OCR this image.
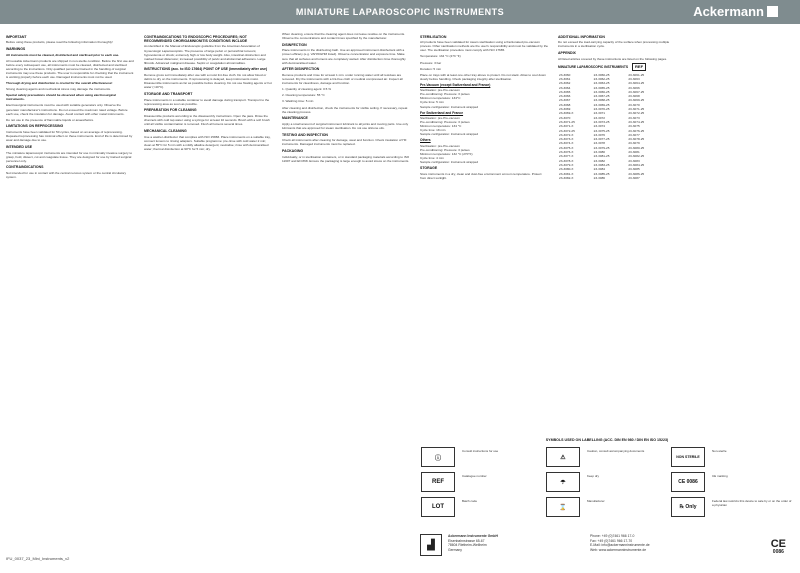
MINIATURE LAPAROSCOPIC INSTRUMENTS	Ackermann
IMPORTANT

Before using these products, please read the following information thoroughly!

WARNINGS

All instruments must be cleaned, disinfected and sterilised prior to each use.

All reusable Ackermann products are shipped in non-sterile condition. Before the first use and before every subsequent use, all instruments must be cleaned, disinfected and sterilised according to the instructions. Only qualified personnel trained in the handling of surgical instruments may use these products. The user is responsible for checking that the instrument is working properly before each use. Damaged instruments must not be used.

Thorough drying and disinfection is crucial for the overall effectiveness!

Strong cleaning agents and mechanical stress may damage the instruments.

Special safety precautions should be observed when using electrosurgical instruments.

Electrosurgical instruments must be used with suitable generators only. Observe the generator manufacturer's instructions. Do not exceed the maximum rated voltage. Before each use, check the insulation for damage. Avoid contact with other metal instruments.

Do not use in the presence of flammable liquids or anaesthetics.

LIMITATIONS ON REPROCESSING

Instruments have been validated for 50 cycles, based on an average of reprocessing. Repeated reprocessing has minimal effect on these instruments. End of life is determined by wear and damage due to use.

INTENDED USE

The miniature laparoscopic instruments are intended for use in minimally invasive surgery to grasp, hold, dissect, cut and coagulate tissue. They are designed for use by trained surgical personnel only.

CONTRAINDICATIONS

Not intended for use in contact with the central nervous system or the central circulatory system.

CONTRAINDICATIONS TO ENDOSCOPIC PROCEDURES; NOT RECOMMENDED CHORIOAMNIONITIS CONDITIONS INCLUDE

As identified in the Manual of Endoscopic guideline from the American Association of Gynecologic Laparoscopists. The presence of large pelvic or periurethral tumours; hypovolemia or shock; extremely high or low body weight. Also, intestinal obstruction and marked bowel distension; increased possibility of pelvic and abdominal adhesions. Large fibroids. Advanced malignant disease. Septic or coagulation abnormalities.

INSTRUCTIONS (acc. to ISO 17664) POINT OF USE (immediately after use)

Remove gross soil immediately after use with a moist lint-free cloth. Do not allow blood or debris to dry on the instruments. If reprocessing is delayed, keep instruments moist. Disassemble instruments as far as possible before cleaning. Do not use fixating agents or hot water (>40°C).

STORAGE AND TRANSPORT

Place instruments in a suitable container to avoid damage during transport. Transport to the reprocessing area as soon as possible.

PREPARATION FOR CLEANING

Disassemble products according to the disassembly instructions. Open the jaws. Rinse the channels with cold tap water using a syringe for at least 10 seconds. Brush with a soft brush until all visible contamination is removed. Flush all lumens several times.

MECHANICAL CLEANING

Use a washer-disinfector that complies with ISO 15883. Place instruments on a suitable tray, connect lumens to rinsing adapters. Suitable programme: pre-rinse with cold water 2 min; clean at 55°C for 5 min with a mildly alkaline detergent; neutralise; rinse with demineralised water; thermal disinfection at 90°C for 5 min; dry.

When cleaning, ensure that the cleaning agent does not leave residue on the instruments. Observe the concentrations and contact times specified by the manufacturer.

DISINFECTION

Place instruments in the disinfecting bath. Use an approved instrument disinfectant with a proven efficacy (e.g. VAH/DGHM listed). Observe concentration and exposure time. Make sure that all surfaces and lumens are completely wetted. After disinfection rinse thoroughly with demineralised water.

AFTER DISINFECTION

Remove products and rinse for at least 1 min. under running water until all residues are removed. Dry the instruments with a lint-free cloth or medical compressed air. Inspect all instruments for cleanliness, damage and function.

1. Quantity of cleaning agent: 0.5 %

2. Cleaning temperature: 55 °C

3. Washing time: 5 min

After cleaning and disinfection, check the instruments for visible soiling. If necessary, repeat the cleaning process.

MAINTENANCE

Apply a small amount of surgical instrument lubricant to all joints and moving parts. Use only lubricants that are approved for steam sterilisation. Do not use silicone oils.

TESTING AND INSPECTION

Check all instruments after cleaning for damage, wear and function. Check insulation of HF instruments. Damaged instruments must be replaced.

PACKAGING

Individually, or in sterilisation containers, or in standard packaging materials according to ISO 11607 and EN 868. Ensure the packaging is large enough to avoid stress on the instruments.

STERILISATION

All products have been validated for steam sterilisation using a fractionated pre-vacuum process. Other sterilisation methods are the user's responsibility and must be validated by the user. The sterilisation procedure must comply with ISO 17665.

Temperature: 134 °C (273 °F)

Pressure: 3 bar

Duration: 5 min

Place on trays with at least one other tray above to protect. Do not stack. Allow to cool down slowly before handling. Check packaging integrity after sterilisation.

Pre-Vacuum (except Switzerland and France)
Sterilisation: pre-Pre-vacuum
Pre-conditioning: Pressure: 3 pulses
Minimum temperature: 134°C
Cycle time: 5 min
Sample configuration: Instrument wrapped
For Switzerland and France
Sterilisation: pre-Pre-vacuum
Pre-conditioning: Pressure: 3 pulses
Minimum temperature: 134 °C
Cycle time: 18 min
Sample configuration: Instrument wrapped
Others
Sterilisation: pre-Pre-vacuum
Pre-conditioning: Pressure: 3 pulses
Minimum temperature: 132 °C (270°F)
Cycle time: 4 min
Sample configuration: Instrument wrapped
STORAGE

Store instruments in a dry, clean and dust-free environment at room temperature. Protect from direct sunlight.

ADDITIONAL INFORMATION

Do not exceed the load-carrying capacity of the surface when processing multiple instruments in a sterilisation cycle.

APPENDIX

All listed articles covered by these instructions are listed on the following pages.

MINIATURE LAPAROSCOPIC INSTRUMENTS REF
23-3060	23-3060-25	23-3061-25
23-3061	23-3062-25	23-3063
23-3062	23-3063-25	23-3064-25
23-3064	23-3065-25	23-3066
23-3065	23-3066-25	23-3067-25
23-3066	23-3067-25	23-3068
23-3067	23-3068-25	23-3069-25
23-3068	23-3069-25	23-3070
23-3069	23-3070-25	23-3071-25
23-3069-X	23-3071	23-3072-25
23-3070	23-3072	23-3073
23-3071-25	23-3073-25	23-3074-25
23-3071-X	23-3074	23-3075
23-3072-25	23-3075-25	23-3076-25
23-3072-X	23-3076	23-3077
23-3073-X	23-3077-25	23-3078-25
23-3074-X	23-3078	23-3079
23-3075-X	23-3079-25	23-3080-25
23-3076-X	23-3080	23-3081
23-3077-X	23-3081-25	23-3082-25
23-3078-X	23-3082	23-3083
23-3079-X	23-3083-25	23-3084-25
23-3080-X	23-3084	23-3085
23-3081-X	23-3085-25	23-3086-25
23-3082-X	23-3086	23-3087
IFU_0037_23_Mini_Instruments_v2
SYMBOLS USED ON LABELLING (ACC. DIN EN 980 / DIN EN ISO 15223)
ⓘ
Consult instructions for use
⚠
Caution, consult accompanying documents
NON STERILE
Non-sterile
REF
Catalogue number
☂
Keep dry
CE 0086
CE marking
LOT
Batch code
⌛
Manufacturer
℞ Only
Federal law restricts this device to sale by or on the order of a physician
▟
Ackermann Instrumente GmbH
Eisenbahnstrasse 65-67
78604 Rietheim-Weilheim
Germany
Phone: +49 (0)7461 966 17-0
Fax: +49 (0)7461 966 17-70
E-Mail: info@ackermanninstrumente.de
Web: www.ackermanninstrumente.de	CE
0086
